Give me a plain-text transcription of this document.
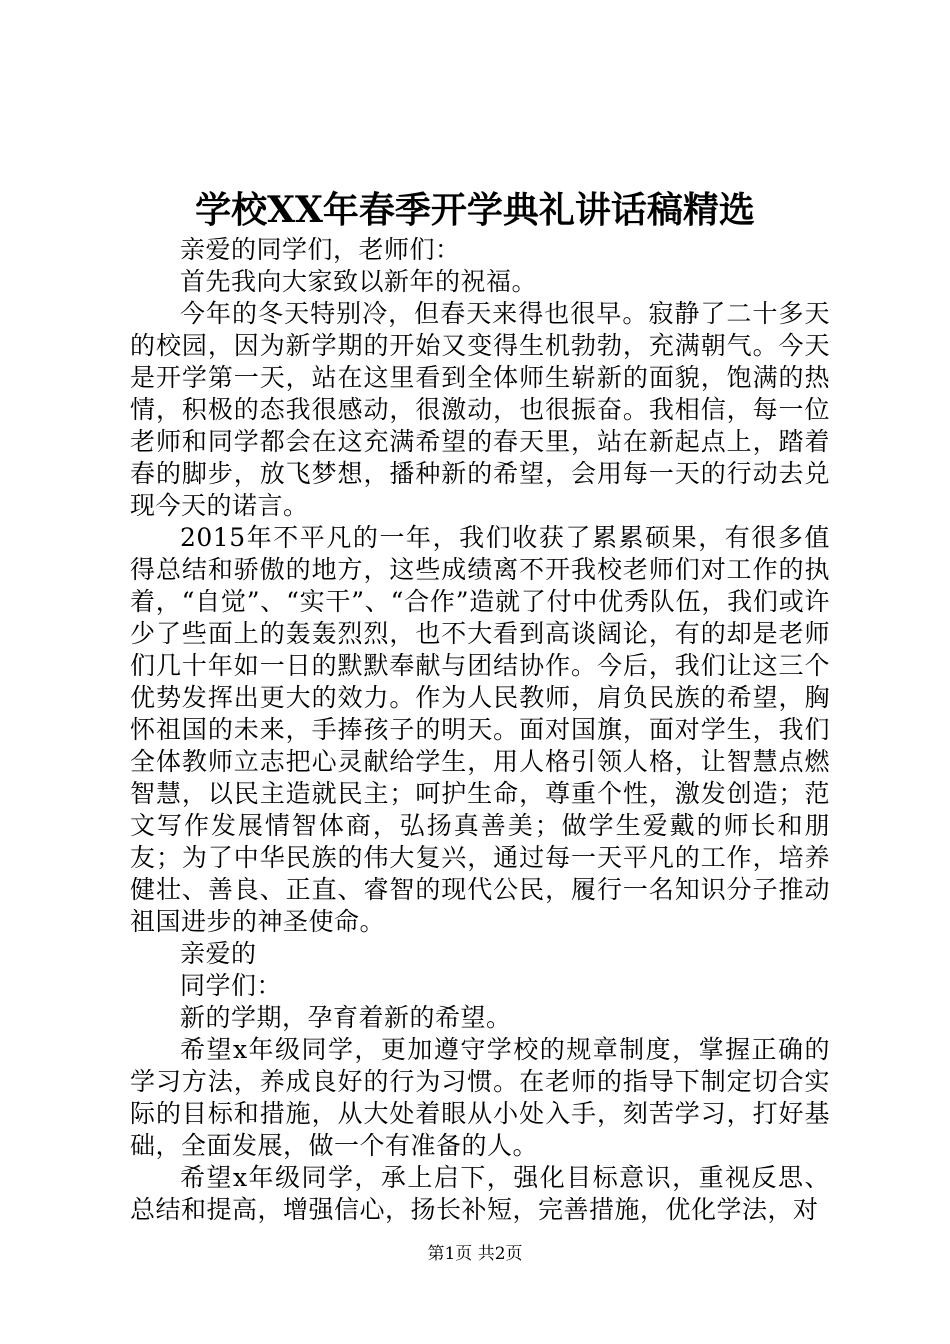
学校XX年春季开学典礼讲话稿精选

亲爱的同学们，老师们：

首先我向大家致以新年的祝福。

今年的冬天特别冷，但春天来得也很早。寂静了二十多天的校园，因为新学期的开始又变得生机勃勃，充满朝气。今天是开学第一天，站在这里看到全体师生崭新的面貌，饱满的热情，积极的态我很感动，很激动，也很振奋。我相信，每一位老师和同学都会在这充满希望的春天里，站在新起点上，踏着春的脚步，放飞梦想，播种新的希望，会用每一天的行动去兑现今天的诺言。

2015年不平凡的一年，我们收获了累累硕果，有很多值得总结和骄傲的地方，这些成绩离不开我校老师们对工作的执着，“自觉”、“实干”、“合作”造就了付中优秀队伍，我们或许少了些面上的轰轰烈烈，也不大看到高谈阔论，有的却是老师们几十年如一日的默默奉献与团结协作。今后，我们让这三个优势发挥出更大的效力。作为人民教师，肩负民族的希望，胸怀祖国的未来，手捧孩子的明天。面对国旗，面对学生，我们全体教师立志把心灵献给学生，用人格引领人格，让智慧点燃智慧，以民主造就民主；呵护生命，尊重个性，激发创造；范文写作发展情智体商，弘扬真善美；做学生爱戴的师长和朋友；为了中华民族的伟大复兴，通过每一天平凡的工作，培养健壮、善良、正直、睿智的现代公民，履行一名知识分子推动祖国进步的神圣使命。

亲爱的

同学们：

新的学期，孕育着新的希望。

希望x年级同学，更加遵守学校的规章制度，掌握正确的学习方法，养成良好的行为习惯。在老师的指导下制定切合实际的目标和措施，从大处着眼从小处入手，刻苦学习，打好基础，全面发展，做一个有准备的人。

希望x年级同学，承上启下，强化目标意识，重视反思、总结和提高，增强信心，扬长补短，完善措施，优化学法，对

第1页 共2页
